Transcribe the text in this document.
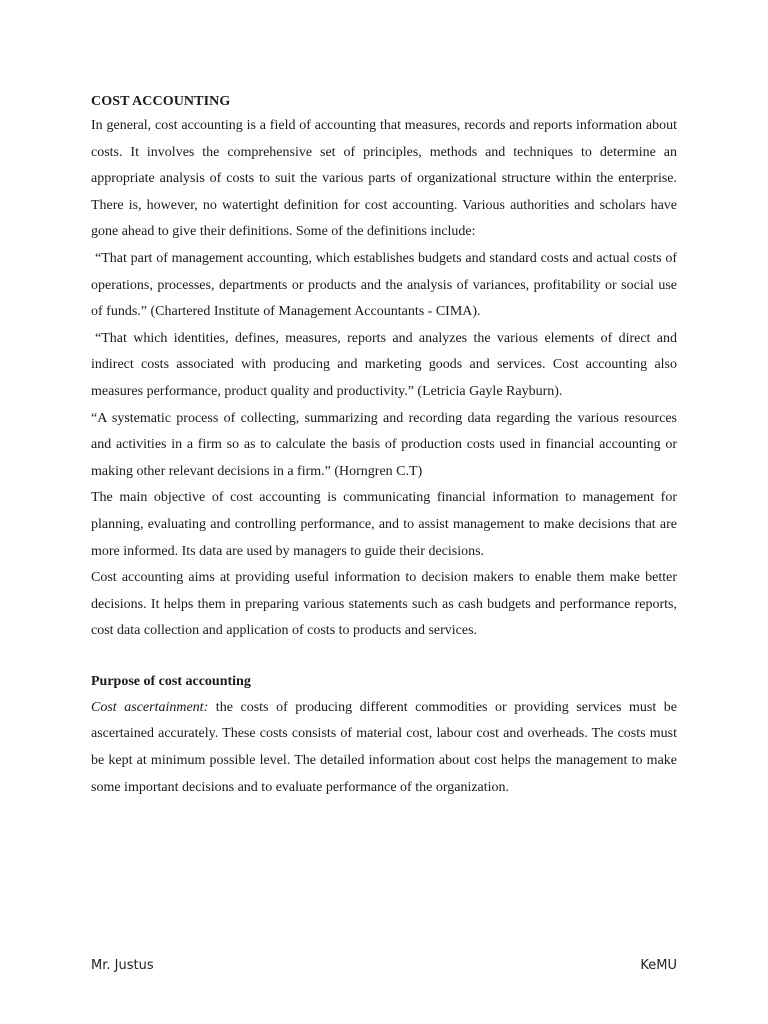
COST ACCOUNTING

In general, cost accounting is a field of accounting that measures, records and reports information about costs. It involves the comprehensive set of principles, methods and techniques to determine an appropriate analysis of costs to suit the various parts of organizational structure within the enterprise. There is, however, no watertight definition for cost accounting. Various authorities and scholars have gone ahead to give their definitions. Some of the definitions include:

“That part of management accounting, which establishes budgets and standard costs and actual costs of operations, processes, departments or products and the analysis of variances, profitability or social use of funds.” (Chartered Institute of Management Accountants - CIMA).

“That which identities, defines, measures, reports and analyzes the various elements of direct and indirect costs associated with producing and marketing goods and services. Cost accounting also measures performance, product quality and productivity.” (Letricia Gayle Rayburn).

“A systematic process of collecting, summarizing and recording data regarding the various resources and activities in a firm so as to calculate the basis of production costs used in financial accounting or making other relevant decisions in a firm.” (Horngren C.T)

The main objective of cost accounting is communicating financial information to management for planning, evaluating and controlling performance, and to assist management to make decisions that are more informed. Its data are used by managers to guide their decisions.

Cost accounting aims at providing useful information to decision makers to enable them make better decisions. It helps them in preparing various statements such as cash budgets and performance reports, cost data collection and application of costs to products and services.

Purpose of cost accounting

Cost ascertainment: the costs of producing different commodities or providing services must be ascertained accurately. These costs consists of material cost, labour cost and overheads. The costs must be kept at minimum possible level. The detailed information about cost helps the management to make some important decisions and to evaluate performance of the organization.

Mr. Justus	KeMU
